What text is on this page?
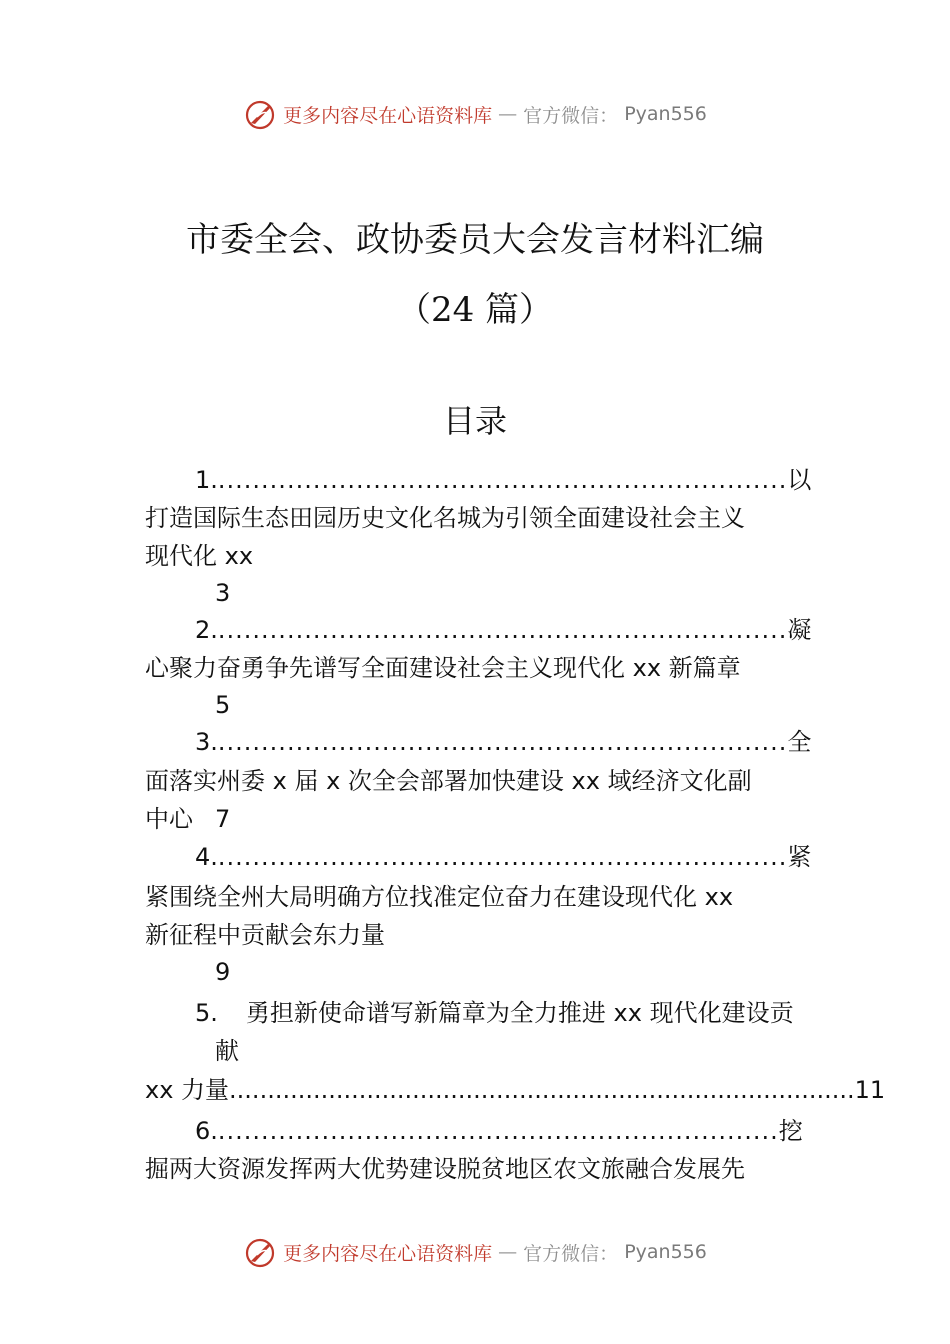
更多内容尽在心语资料库 — 官方微信： Pyan556
市委全会、政协委员大会发言材料汇编
（24 篇）
目录
1...................................................................以
打造国际生态田园历史文化名城为引领全面建设社会主义
现代化 xx
3
2...................................................................凝
心聚力奋勇争先谱写全面建设社会主义现代化 xx 新篇章
5
3...................................................................全
面落实州委 x 届 x 次全会部署加快建设 xx 域经济文化副
中心 7
4...................................................................紧
紧围绕全州大局明确方位找准定位奋力在建设现代化 xx
新征程中贡献会东力量
9
5. 勇担新使命谱写新篇章为全力推进 xx 现代化建设贡
献
xx 力量..................................................................................11
6..................................................................挖
掘两大资源发挥两大优势建设脱贫地区农文旅融合发展先
更多内容尽在心语资料库 — 官方微信： Pyan556
